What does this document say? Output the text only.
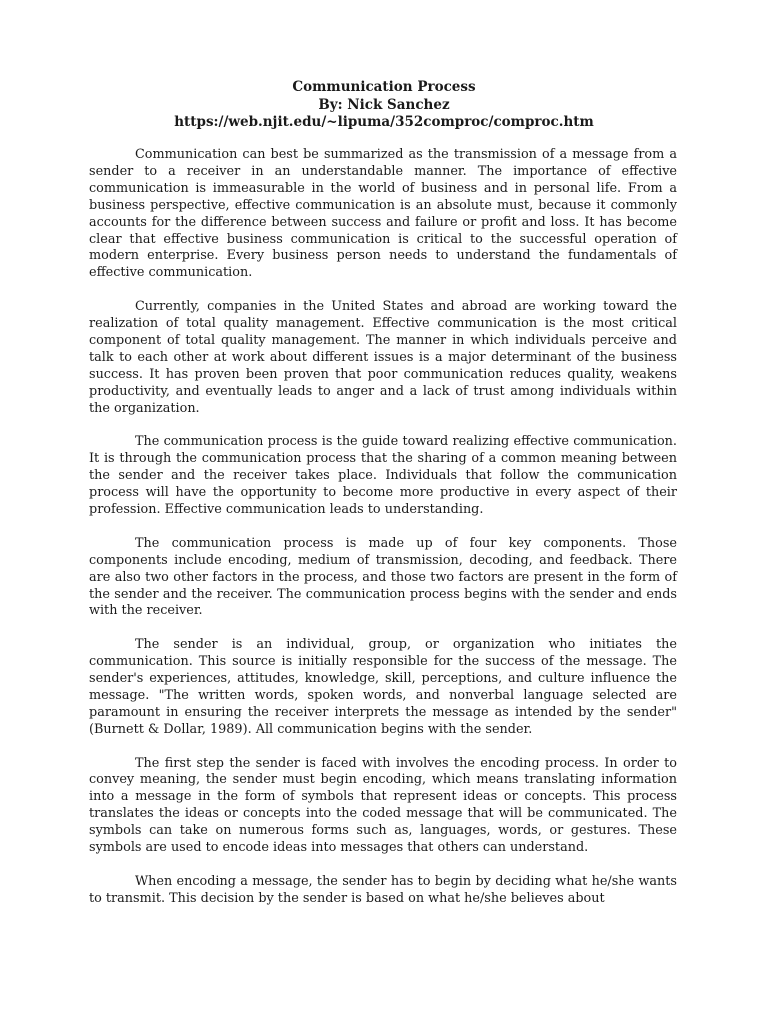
Communication Process
By: Nick Sanchez
https://web.njit.edu/~lipuma/352comproc/comproc.htm

Communication can best be summarized as the transmission of a message from a sender to a receiver in an understandable manner. The importance of effective communication is immeasurable in the world of business and in personal life. From a business perspective, effective communication is an absolute must, because it commonly accounts for the difference between success and failure or profit and loss. It has become clear that effective business communication is critical to the successful operation of modern enterprise. Every business person needs to understand the fundamentals of effective communication.

Currently, companies in the United States and abroad are working toward the realization of total quality management. Effective communication is the most critical component of total quality management. The manner in which individuals perceive and talk to each other at work about different issues is a major determinant of the business success. It has proven been proven that poor communication reduces quality, weakens productivity, and eventually leads to anger and a lack of trust among individuals within the organization.

The communication process is the guide toward realizing effective communication. It is through the communication process that the sharing of a common meaning between the sender and the receiver takes place. Individuals that follow the communication process will have the opportunity to become more productive in every aspect of their profession. Effective communication leads to understanding.

The communication process is made up of four key components. Those components include encoding, medium of transmission, decoding, and feedback. There are also two other factors in the process, and those two factors are present in the form of the sender and the receiver. The communication process begins with the sender and ends with the receiver.

The sender is an individual, group, or organization who initiates the communication. This source is initially responsible for the success of the message. The sender's experiences, attitudes, knowledge, skill, perceptions, and culture influence the message. "The written words, spoken words, and nonverbal language selected are paramount in ensuring the receiver interprets the message as intended by the sender" (Burnett & Dollar, 1989). All communication begins with the sender.

The first step the sender is faced with involves the encoding process. In order to convey meaning, the sender must begin encoding, which means translating information into a message in the form of symbols that represent ideas or concepts. This process translates the ideas or concepts into the coded message that will be communicated. The symbols can take on numerous forms such as, languages, words, or gestures. These symbols are used to encode ideas into messages that others can understand.

When encoding a message, the sender has to begin by deciding what he/she wants to transmit. This decision by the sender is based on what he/she believes about
